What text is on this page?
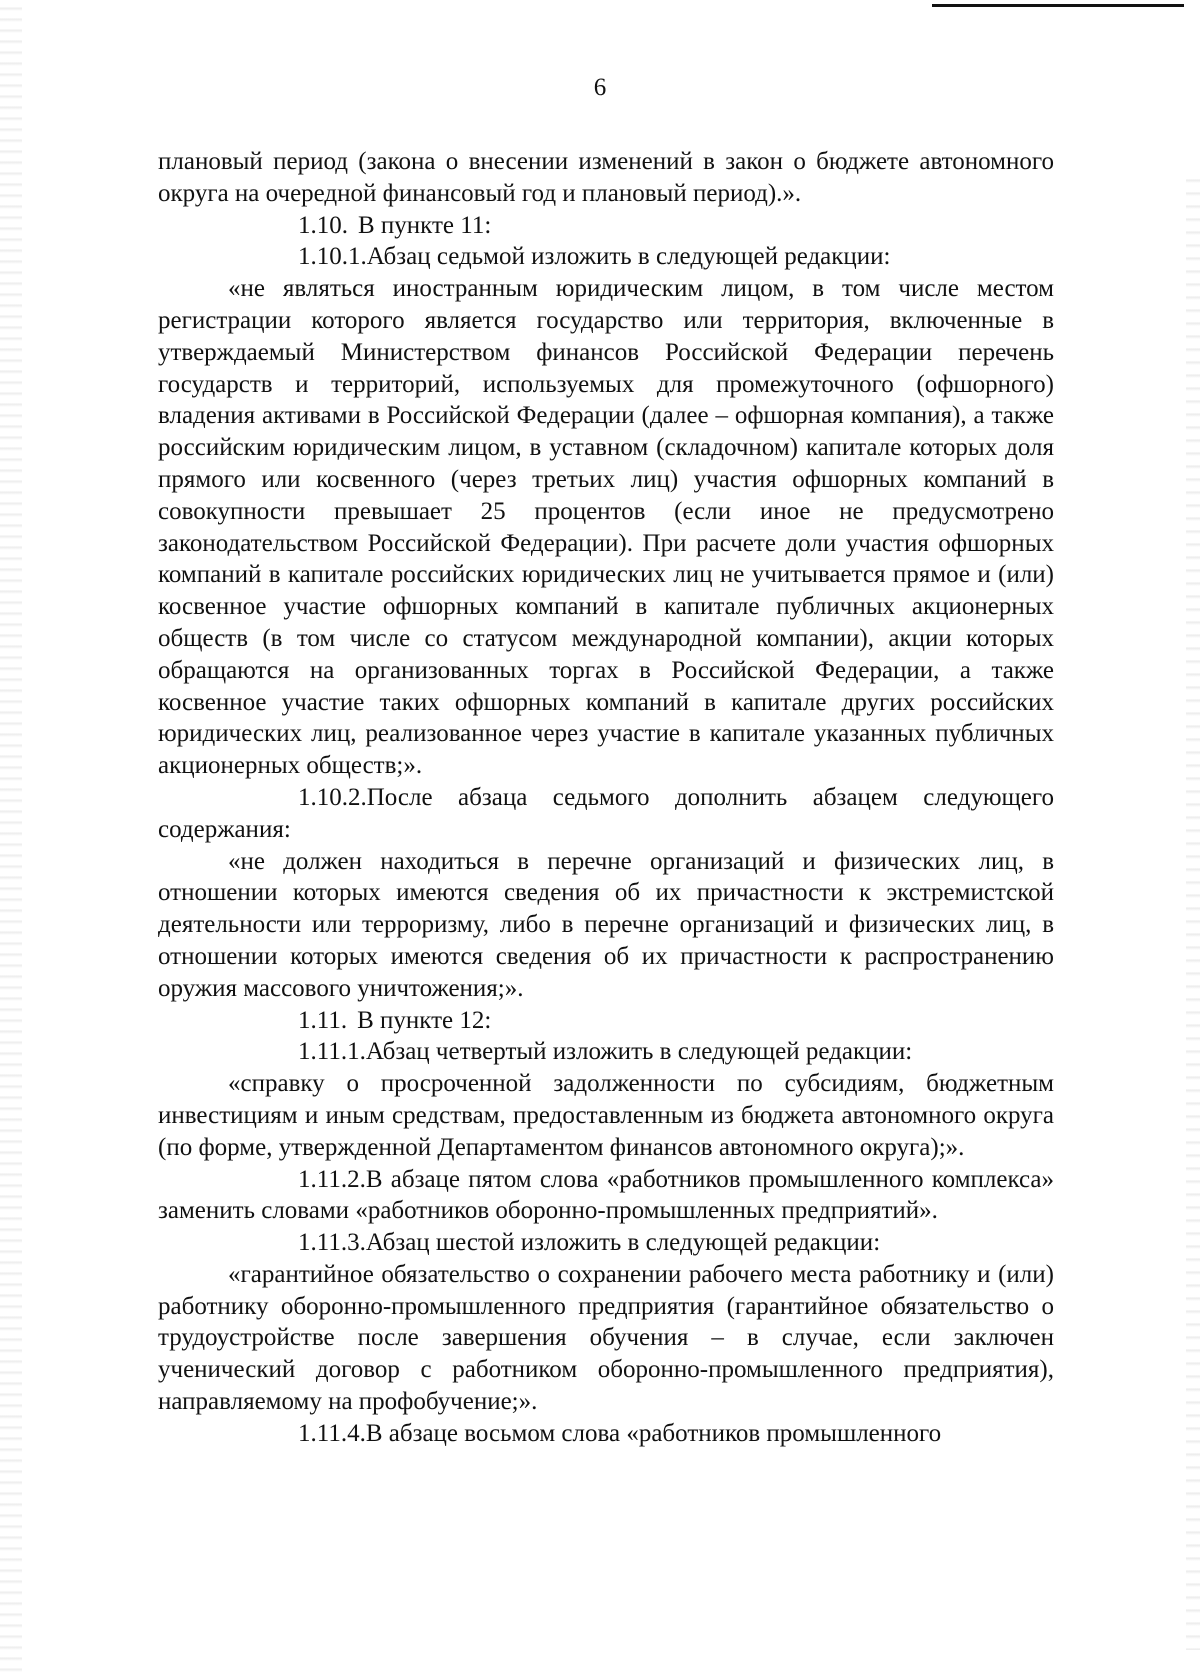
6

плановый период (закона о внесении изменений в закон о бюджете автономного округа на очередной финансовый год и плановый период).».

1.10. В пункте 11:

1.10.1.Абзац седьмой изложить в следующей редакции:

«не являться иностранным юридическим лицом, в том числе местом регистрации которого является государство или территория, включенные в утверждаемый Министерством финансов Российской Федерации перечень государств и территорий, используемых для промежуточного (офшорного) владения активами в Российской Федерации (далее – офшорная компания), а также российским юридическим лицом, в уставном (складочном) капитале которых доля прямого или косвенного (через третьих лиц) участия офшорных компаний в совокупности превышает 25 процентов (если иное не предусмотрено законодательством Российской Федерации). При расчете доли участия офшорных компаний в капитале российских юридических лиц не учитывается прямое и (или) косвенное участие офшорных компаний в капитале публичных акционерных обществ (в том числе со статусом международной компании), акции которых обращаются на организованных торгах в Российской Федерации, а также косвенное участие таких офшорных компаний в капитале других российских юридических лиц, реализованное через участие в капитале указанных публичных акционерных обществ;».

1.10.2.После абзаца седьмого дополнить абзацем следующего содержания:

«не должен находиться в перечне организаций и физических лиц, в отношении которых имеются сведения об их причастности к экстремистской деятельности или терроризму, либо в перечне организаций и физических лиц, в отношении которых имеются сведения об их причастности к распространению оружия массового уничтожения;».

1.11. В пункте 12:

1.11.1.Абзац четвертый изложить в следующей редакции:

«справку о просроченной задолженности по субсидиям, бюджетным инвестициям и иным средствам, предоставленным из бюджета автономного округа (по форме, утвержденной Департаментом финансов автономного округа);».

1.11.2.В абзаце пятом слова «работников промышленного комплекса» заменить словами «работников оборонно-промышленных предприятий».

1.11.3.Абзац шестой изложить в следующей редакции:

«гарантийное обязательство о сохранении рабочего места работнику и (или) работнику оборонно-промышленного предприятия (гарантийное обязательство о трудоустройстве после завершения обучения – в случае, если заключен ученический договор с работником оборонно-промышленного предприятия), направляемому на профобучение;».

1.11.4.В абзаце восьмом слова «работников промышленного
